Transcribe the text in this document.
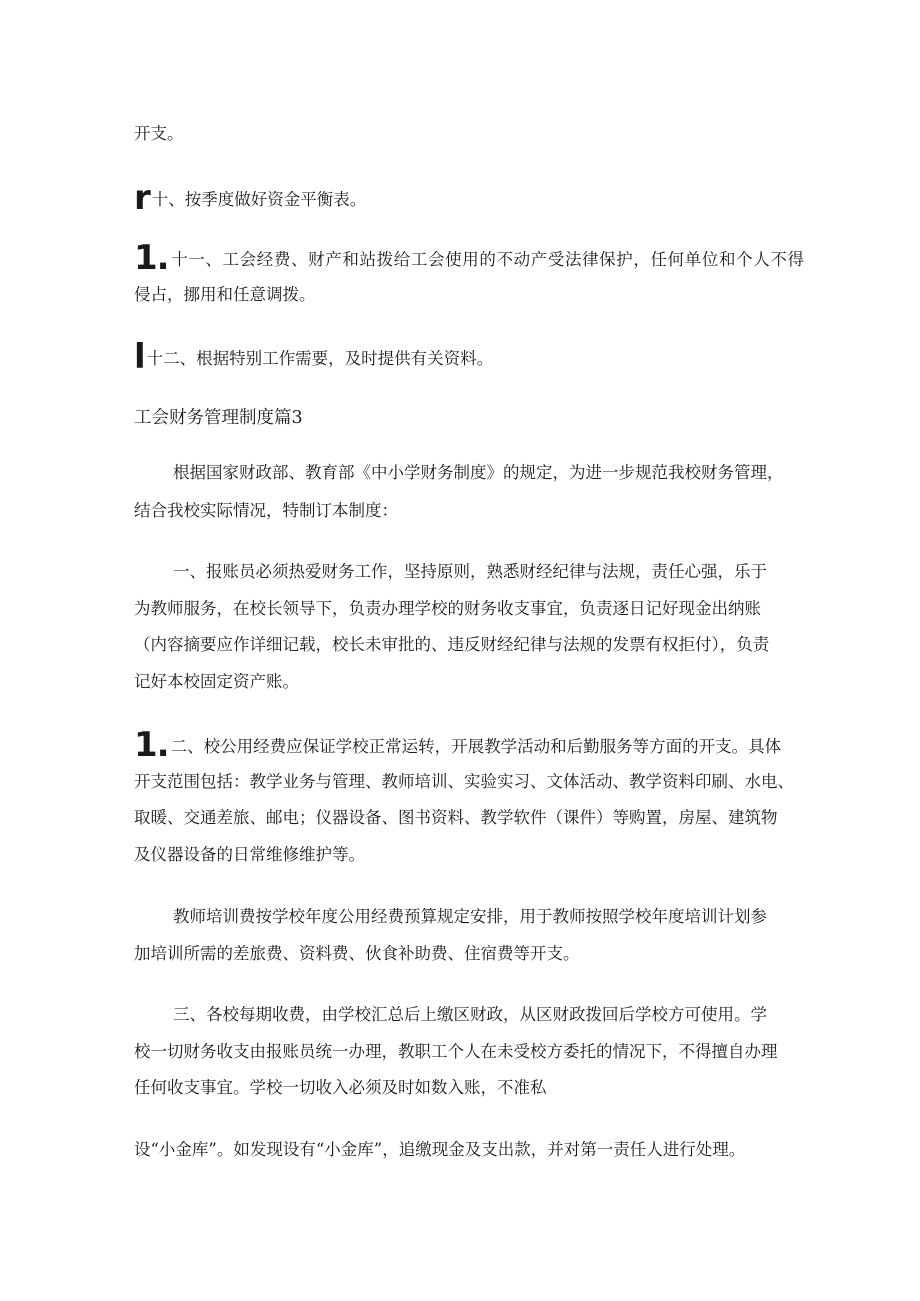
开支。
r十、按季度做好资金平衡表。
1. 十一、工会经费、财产和站拨给工会使用的不动产受法律保护，任何单位和个人不得
侵占，挪用和任意调拨。
l十二、根据特别工作需要，及时提供有关资料。
工会财务管理制度篇3
根据国家财政部、教育部《中小学财务制度》的规定，为进一步规范我校财务管理，
结合我校实际情况，特制订本制度：
一、报账员必须热爱财务工作，坚持原则，熟悉财经纪律与法规，责任心强，乐于
为教师服务，在校长领导下，负责办理学校的财务收支事宜，负责逐日记好现金出纳账
（内容摘要应作详细记载，校长未审批的、违反财经纪律与法规的发票有权拒付），负责
记好本校固定资产账。
1. 二、校公用经费应保证学校正常运转，开展教学活动和后勤服务等方面的开支。具体
开支范围包括：教学业务与管理、教师培训、实验实习、文体活动、教学资料印刷、水电、
取暖、交通差旅、邮电；仪器设备、图书资料、教学软件（课件）等购置，房屋、建筑物
及仪器设备的日常维修维护等。
教师培训费按学校年度公用经费预算规定安排，用于教师按照学校年度培训计划参
加培训所需的差旅费、资料费、伙食补助费、住宿费等开支。
三、各校每期收费，由学校汇总后上缴区财政，从区财政拨回后学校方可使用。学
校一切财务收支由报账员统一办理，教职工个人在未受校方委托的情况下，不得擅自办理
任何收支事宜。学校一切收入必须及时如数入账，不准私
设“小金库”。如发现设有“小金库”，追缴现金及支出款，并对第一责任人进行处理。
